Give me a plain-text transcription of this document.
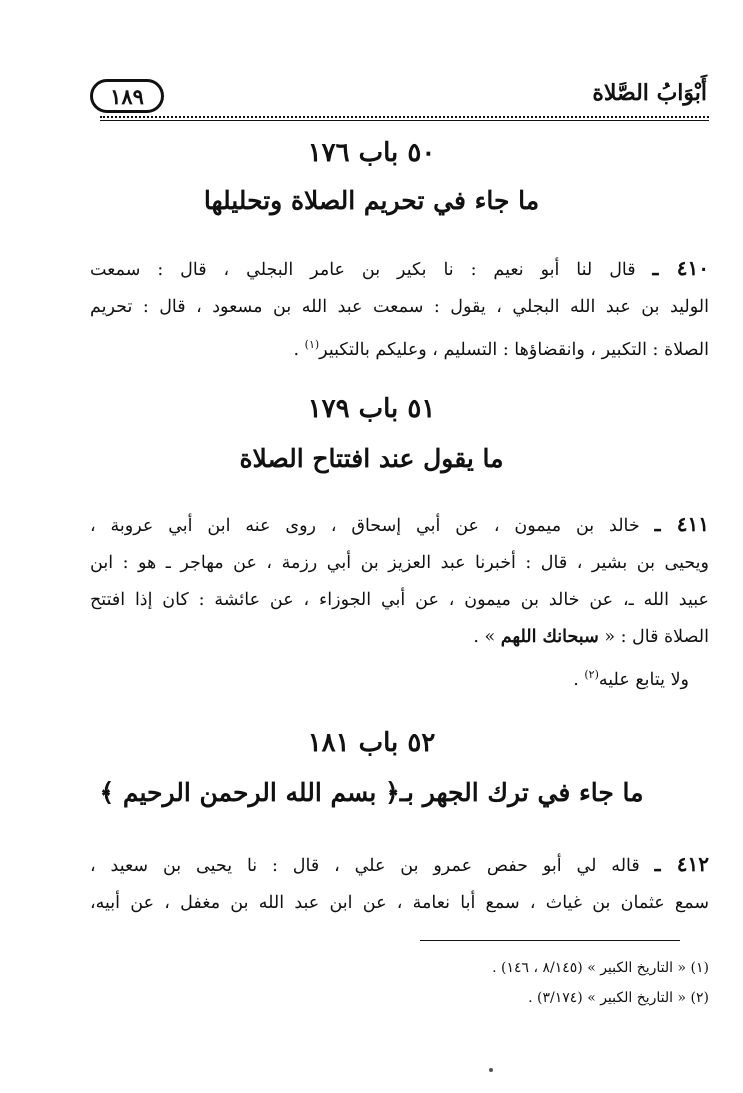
أَبْوَابُ الصَّلاة
١٨٩
٥٠ باب ١٧٦
ما جاء في تحريم الصلاة وتحليلها
٤١٠ ـ قال لنا أبو نعيم : نا بكير بن عامر البجلي ، قال : سمعت
الوليد بن عبد الله البجلي ، يقول : سمعت عبد الله بن مسعود ، قال : تحريم
الصلاة : التكبير ، وانقضاؤها : التسليم ، وعليكم بالتكبير$^{(١)}$ .
٥١ باب ١٧٩
ما يقول عند افتتاح الصلاة
٤١١ ـ خالد بن ميمون ، عن أبي إسحاق ، روى عنه ابن أبي عروبة ،
ويحيى بن بشير ، قال : أخبرنا عبد العزيز بن أبي رزمة ، عن مهاجر ـ هو : ابن
عبيد الله ـ، عن خالد بن ميمون ، عن أبي الجوزاء ، عن عائشة : كان إذا افتتح
الصلاة قال : « سبحانك اللهم » .
ولا يتابع عليه$^{(٢)}$ .
٥٢ باب ١٨١
ما جاء في ترك الجهر بـ﴿ بسم الله الرحمن الرحيم ﴾
٤١٢ ـ قاله لي أبو حفص عمرو بن علي ، قال : نا يحيى بن سعيد ،
سمع عثمان بن غياث ، سمع أبا نعامة ، عن ابن عبد الله بن مغفل ، عن أبيه،
(١) « التاريخ الكبير » (٨/١٤٥ ، ١٤٦) .
(٢) « التاريخ الكبير » (٣/١٧٤) .
